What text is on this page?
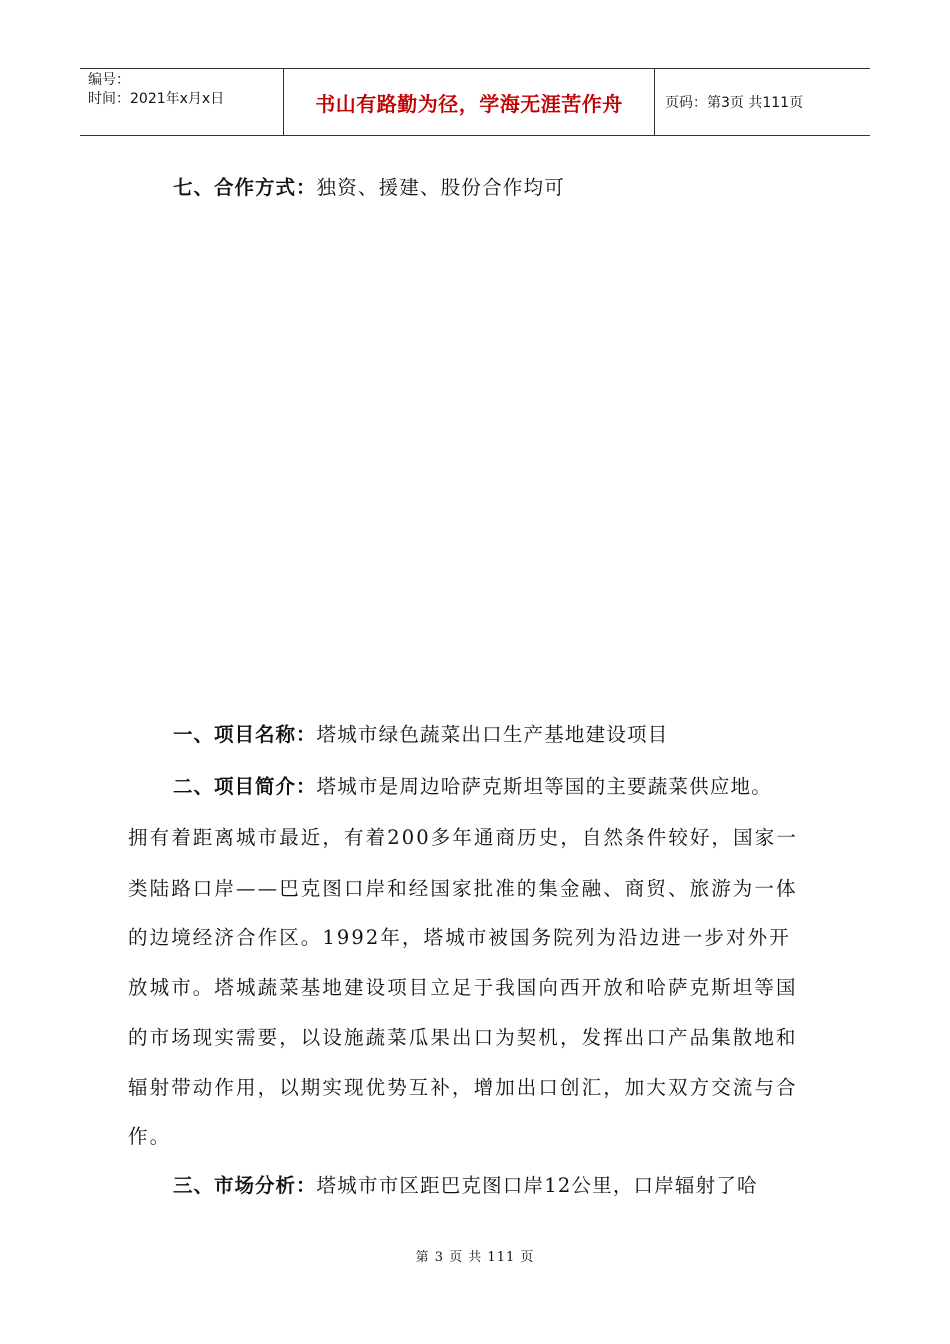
编号：
时间：2021年x月x日	书山有路勤为径，学海无涯苦作舟	页码：第3页 共111页
七、合作方式：独资、援建、股份合作均可
一、项目名称：塔城市绿色蔬菜出口生产基地建设项目
二、项目简介：塔城市是周边哈萨克斯坦等国的主要蔬菜供应地。
拥有着距离城市最近，有着200多年通商历史，自然条件较好，国家一
类陆路口岸——巴克图口岸和经国家批准的集金融、商贸、旅游为一体
的边境经济合作区。1992年，塔城市被国务院列为沿边进一步对外开
放城市。塔城蔬菜基地建设项目立足于我国向西开放和哈萨克斯坦等国
的市场现实需要，以设施蔬菜瓜果出口为契机，发挥出口产品集散地和
辐射带动作用，以期实现优势互补，增加出口创汇，加大双方交流与合
作。
三、市场分析：塔城市市区距巴克图口岸12公里，口岸辐射了哈
第 3 页 共 111 页
